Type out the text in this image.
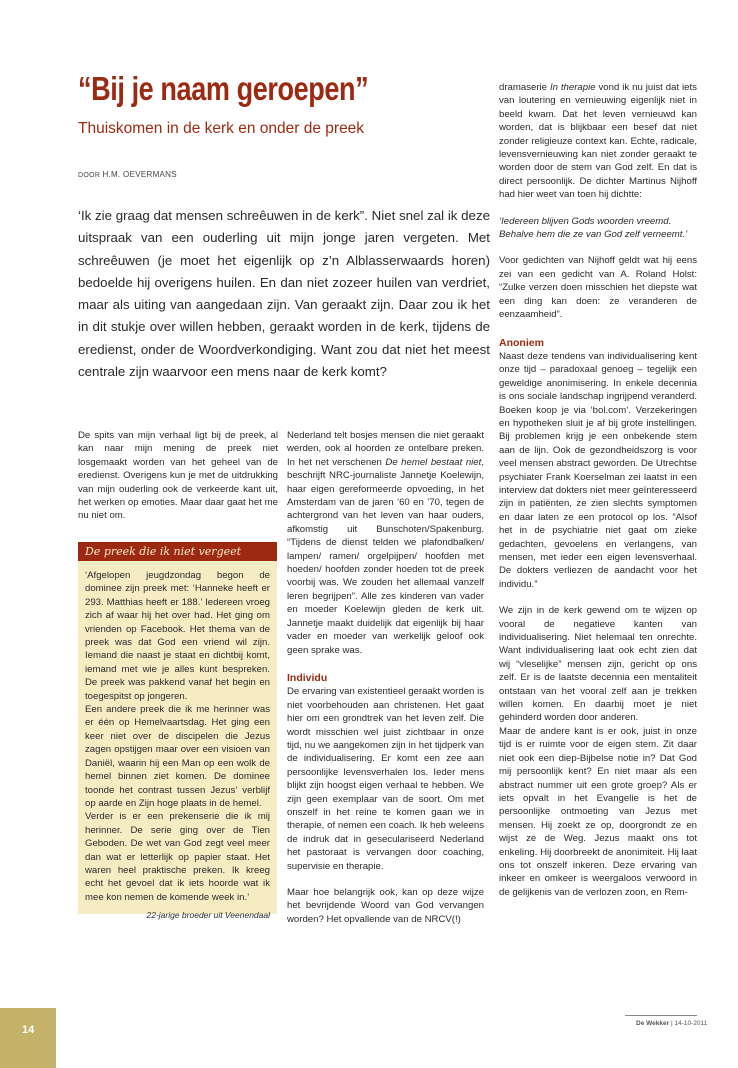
“Bij je naam geroepen”
Thuiskomen in de kerk en onder de preek
DOOR H.M. OEVERMANS
‘Ik zie graag dat mensen schreêuwen in de kerk”. Niet snel zal ik deze uitspraak van een ouderling uit mijn jonge jaren vergeten. Met schreêuwen (je moet het eigenlijk op z’n Alblasserwaards horen) bedoelde hij overigens huilen. En dan niet zozeer huilen van verdriet, maar als uiting van aangedaan zijn. Van geraakt zijn. Daar zou ik het in dit stukje over willen hebben, geraakt worden in de kerk, tijdens de eredienst, onder de Woordverkondiging. Want zou dat niet het meest centrale zijn waarvoor een mens naar de kerk komt?

De spits van mijn verhaal ligt bij de preek, al kan naar mijn mening de preek niet losgemaakt worden van het geheel van de eredienst. Overigens kun je met de uitdrukking van mijn ouderling ook de verkeerde kant uit, het werken op emoties. Maar daar gaat het me nu niet om.

De preek die ik niet vergeet

‘Afgelopen jeugdzondag begon de dominee zijn preek met: ‘Hanneke heeft er 293. Matthias heeft er 188.’ Iedereen vroeg zich af waar hij het over had. Het ging om vrienden op Facebook. Het thema van de preek was dat God een vriend wil zijn. Iemand die naast je staat en dichtbij komt, iemand met wie je alles kunt bespreken. De preek was pakkend vanaf het begin en toegespitst op jongeren.

Een andere preek die ik me herinner was er één op Hemelvaartsdag. Het ging een keer niet over de discipelen die Jezus zagen opstijgen maar over een visioen van Daniël, waarin hij een Man op een wolk de hemel binnen ziet komen. De dominee toonde het contrast tussen Jezus’ verblijf op aarde en Zijn hoge plaats in de hemel.

Verder is er een prekenserie die ik mij herinner. De serie ging over de Tien Geboden. De wet van God zegt veel meer dan wat er letterlijk op papier staat. Het waren heel praktische preken. Ik kreeg echt het gevoel dat ik iets hoorde wat ik mee kon nemen de komende week in.’

22-jarige broeder uit Veenendaal

Nederland telt bosjes mensen die niet geraakt werden, ook al hoorden ze ontelbare preken. In het net verschenen De hemel bestaat niet, beschrijft NRC-journaliste Jannetje Koelewijn, haar eigen gereformeerde opvoeding, in het Amsterdam van de jaren ’60 en ’70, tegen de achtergrond van het leven van haar ouders, afkomstig uit Bunschoten/Spakenburg. “Tijdens de dienst telden we plafondbalken/ lampen/ ramen/ orgelpijpen/ hoofden met hoeden/ hoofden zonder hoeden tot de preek voorbij was. We zouden het allemaal vanzelf leren begrijpen”. Alle zes kinderen van vader en moeder Koelewijn gleden de kerk uit. Jannetje maakt duidelijk dat eigenlijk bij haar vader en moeder van werkelijk geloof ook geen sprake was.

Individu

De ervaring van existentieel geraakt worden is niet voorbehouden aan christenen. Het gaat hier om een grondtrek van het leven zelf. Die wordt misschien wel juist zichtbaar in onze tijd, nu we aangekomen zijn in het tijdperk van de individualisering. Er komt een zee aan persoonlijke levensverhalen los. Ieder mens blijkt zijn hoogst eigen verhaal te hebben. We zijn geen exemplaar van de soort. Om met onszelf in het reine te komen gaan we in therapie, of nemen een coach. Ik heb weleens de indruk dat in geseculariseerd Nederland het pastoraat is vervangen door coaching, supervisie en therapie.

Maar hoe belangrijk ook, kan op deze wijze het bevrijdende Woord van God vervangen worden? Het opvallende van de NRCV(!)

dramaserie In therapie vond ik nu juist dat iets van loutering en vernieuwing eigenlijk niet in beeld kwam. Dat het leven vernieuwd kan worden, dat is blijkbaar een besef dat niet zonder religieuze context kan. Echte, radicale, levensvernieuwing kan niet zonder geraakt te worden door de stem van God zelf. En dat is direct persoonlijk. De dichter Martinus Nijhoff had hier weet van toen hij dichtte:

‘Iedereen blijven Gods woorden vreemd.
Behalve hem die ze van God zelf verneemt.’

Voor gedichten van Nijhoff geldt wat hij eens zei van een gedicht van A. Roland Holst: “Zulke verzen doen misschien het diepste wat een ding kan doen: ze veranderen de eenzaamheid”.

Anoniem

Naast deze tendens van individualisering kent onze tijd – paradoxaal genoeg – tegelijk een geweldige anonimisering. In enkele decennia is ons sociale landschap ingrijpend veranderd. Boeken koop je via ‘bol.com’. Verzekeringen en hypotheken sluit je af bij grote instellingen. Bij problemen krijg je een onbekende stem aan de lijn. Ook de gezondheidszorg is voor veel mensen abstract geworden. De Utrechtse psychiater Frank Koerselman zei laatst in een interview dat dokters niet meer geïnteresseerd zijn in patiënten, ze zien slechts symptomen en daar laten ze een protocol op los. “Alsof het in de psychiatrie niet gaat om zieke gedachten, gevoelens en verlangens, van mensen, met ieder een eigen levensverhaal. De dokters verliezen de aandacht voor het individu.”

We zijn in de kerk gewend om te wijzen op vooral de negatieve kanten van individualisering. Niet helemaal ten onrechte. Want individualisering laat ook echt zien dat wij “vleselijke” mensen zijn, gericht op ons zelf. Er is de laatste decennia een mentaliteit ontstaan van het vooral zelf aan je trekken willen komen. En daarbij moet je niet gehinderd worden door anderen.

Maar de andere kant is er ook, juist in onze tijd is er ruimte voor de eigen stem. Zit daar niet ook een diep-Bijbelse notie in? Dat God mij persoonlijk kent? En niet maar als een abstract nummer uit een grote groep? Als er iets opvalt in het Evangelie is het de persoonlijke ontmoeting van Jezus met mensen. Hij zoekt ze op, doorgrondt ze en wijst ze de Weg. Jezus maakt ons tot enkeling. Hij doorbreekt de anonimiteit. Hij laat ons tot onszelf inkeren. Deze ervaring van inkeer en omkeer is weergaloos verwoord in de gelijkenis van de verlozen zoon, en Rem-

14
De Wekker | 14-10-2011
